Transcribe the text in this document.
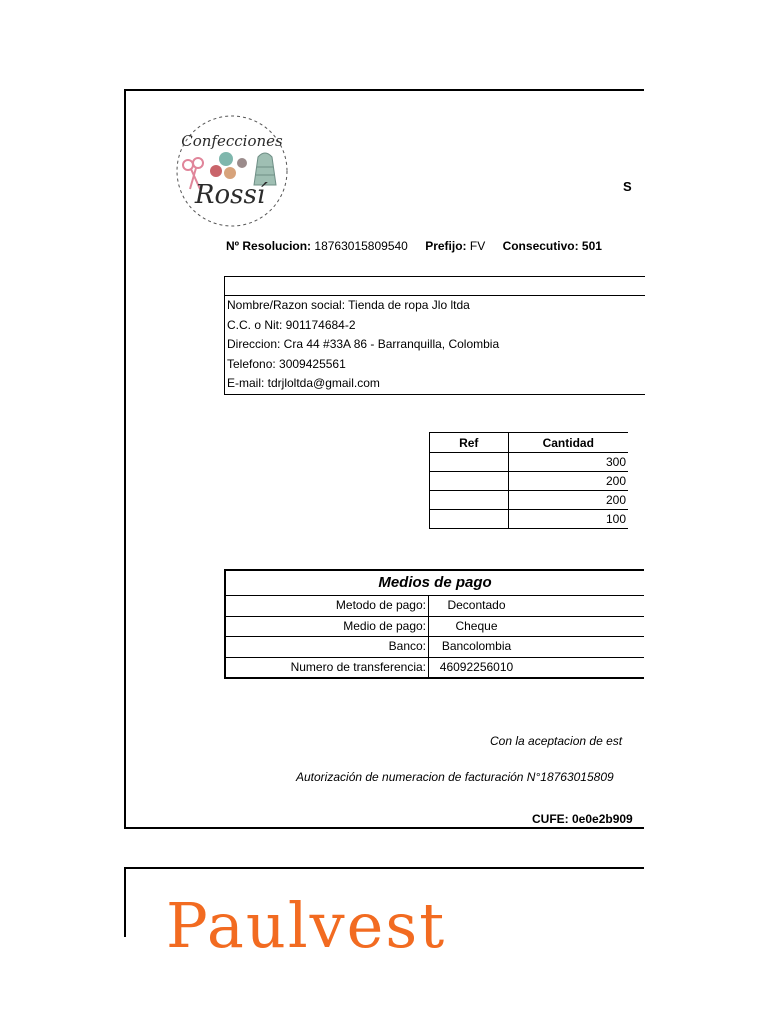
Confecciones
Rossí	S
Nº Resolucion: 18763015809540 Prefijo: FV Consecutivo: 501
Nombre/Razon social: Tienda de ropa Jlo ltda
C.C. o Nit: 901174684-2
Direccion: Cra 44 #33A 86 - Barranquilla, Colombia
Telefono: 3009425561
E-mail: tdrjloltda@gmail.com
Ref	Cantidad
	300
	200
	200
	100
Medios de pago
Metodo de pago:	Decontado
Medio de pago:	Cheque
Banco:	Bancolombia
Numero de transferencia:	46092256010
Con la aceptacion de est
Autorización de numeracion de facturación N°18763015809
CUFE: 0e0e2b909
Paulvest
